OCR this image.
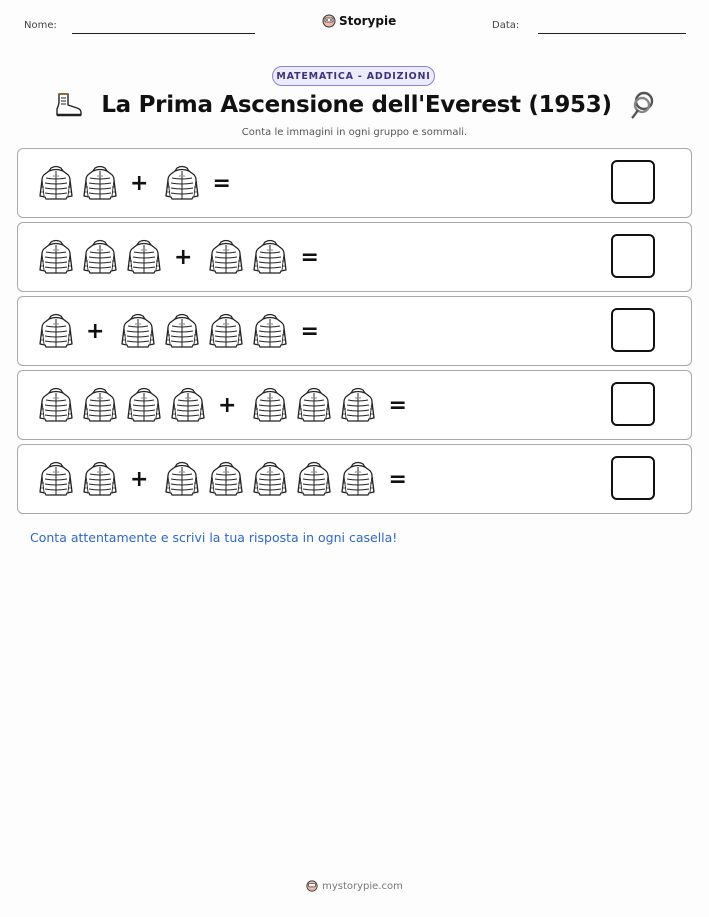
Nome:	Storypie	Data:
MATEMATICA - ADDIZIONI
La Prima Ascensione dell'Everest (1953)
Conta le immagini in ogni gruppo e sommali.
+	=
+	=
+	=
+	=
+	=
Conta attentamente e scrivi la tua risposta in ogni casella!
mystorypie.com
